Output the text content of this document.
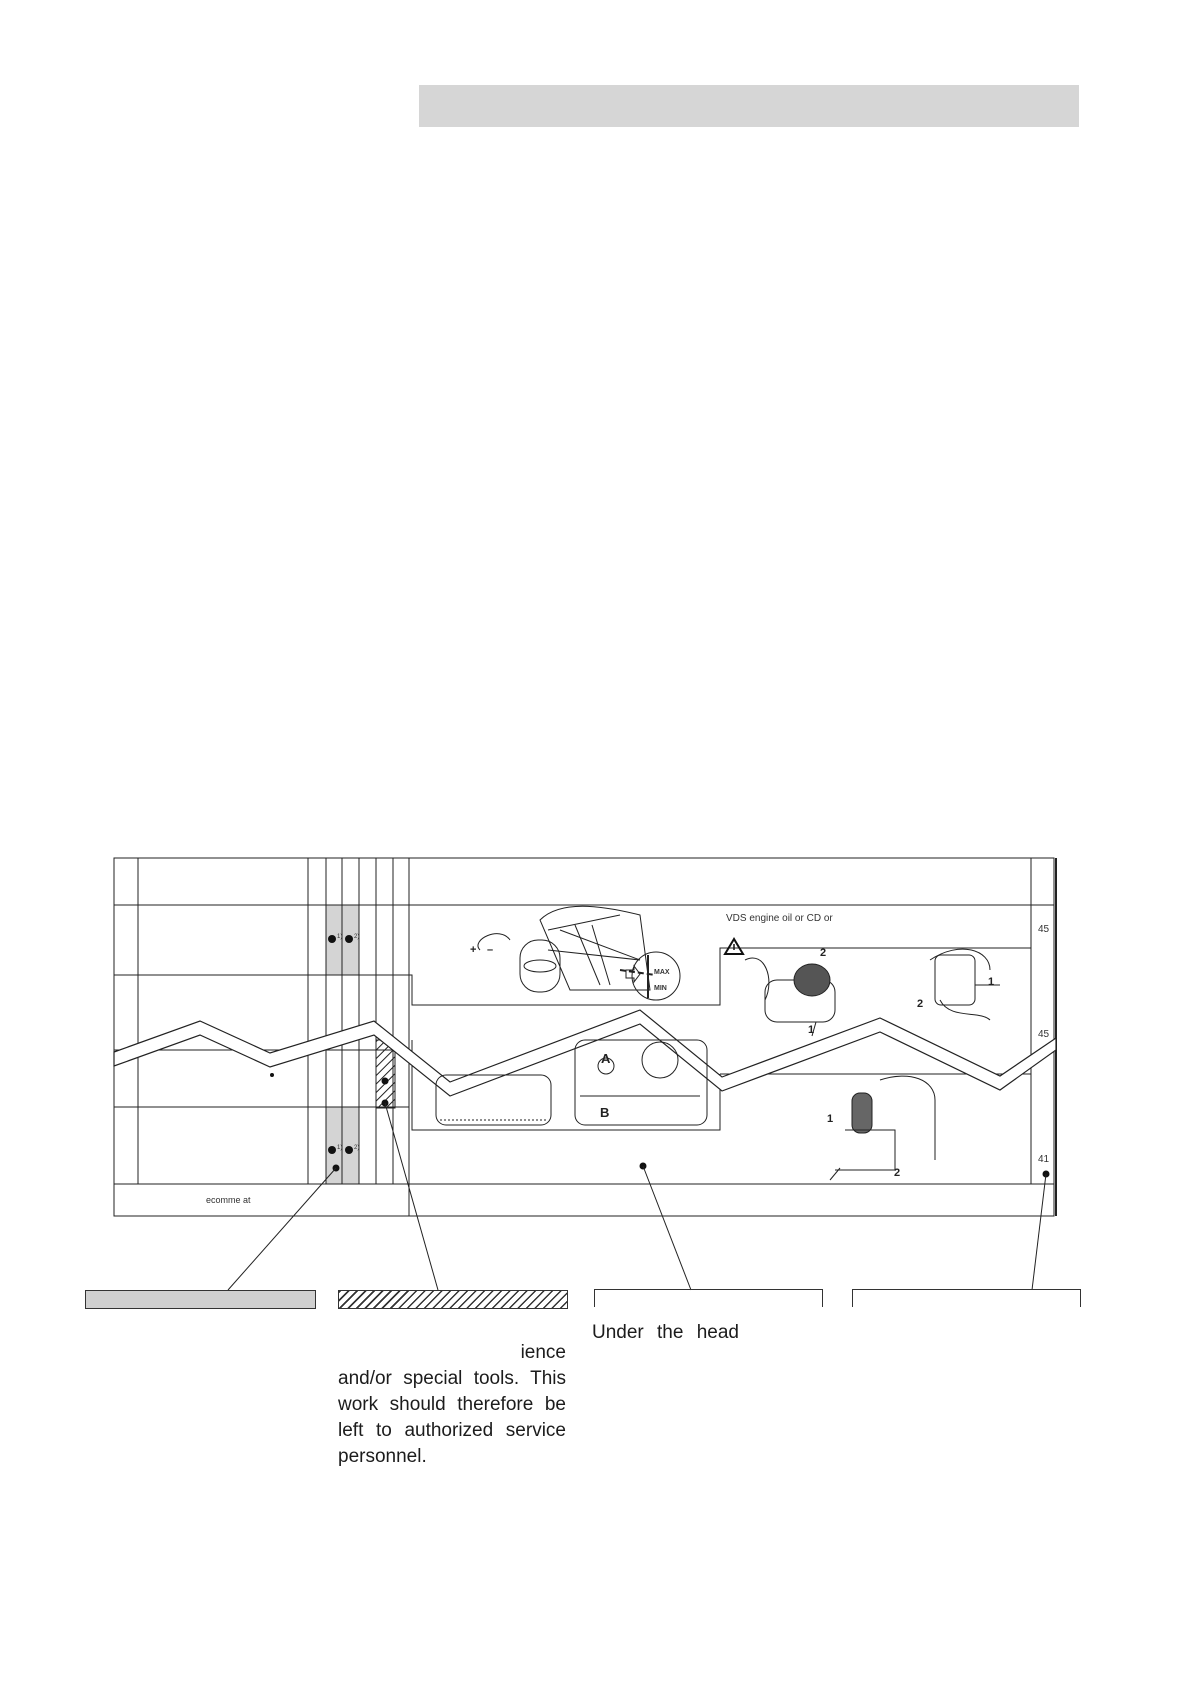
VDS engine oil or CD or
45
45
41
ecomme at
1) 2)
1) 2)
MAX
MIN
+ –	2
1
1
2
A
B	1
2
ience
and/or special tools. This
work should therefore be
left to authorized service
personnel.
Under the head
